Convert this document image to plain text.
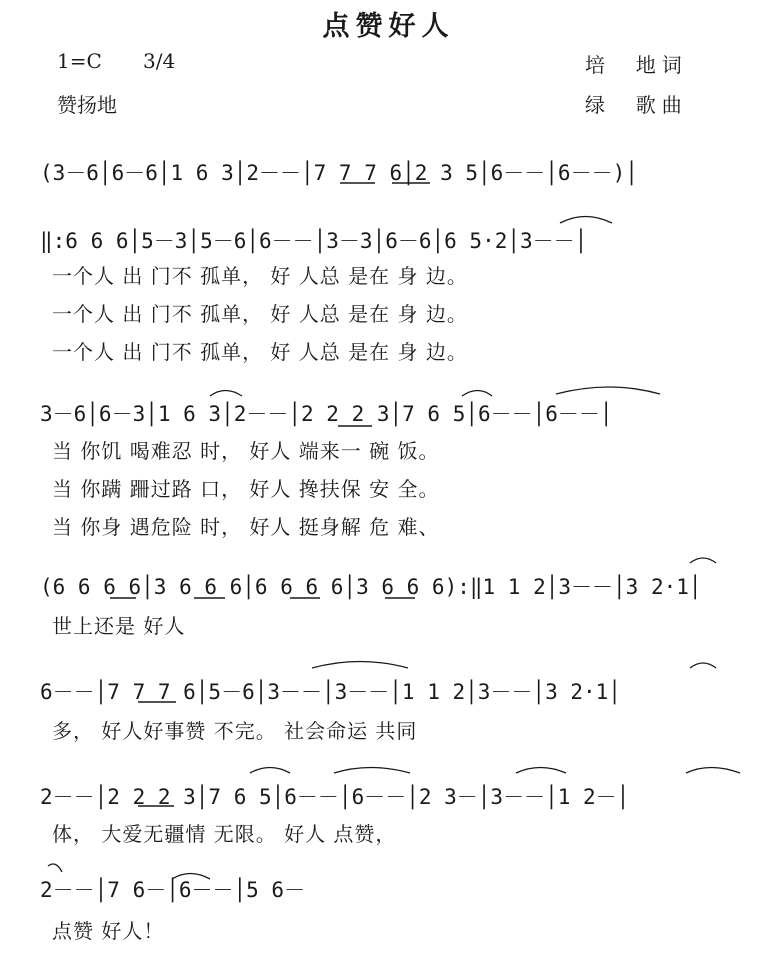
点赞好人
1=C 3/4	培  地词
赞扬地	绿  歌曲
(3－6│6－6│1 6 3│2－－│7 7 7 6│2 3 5│6－－│6－－)│
‖:6 6 6│5－3│5－6│6－－│3－3│6－6│6 5·2│3－－│
一个人 出 门不 孤单， 好 人总 是在 身 边。
一个人 出 门不 孤单， 好 人总 是在 身 边。
一个人 出 门不 孤单， 好 人总 是在 身 边。
3－6│6－3│1 6 3│2－－│2 2 2 3│7 6 5│6－－│6－－│
当 你饥 喝难忍 时， 好人 端来一 碗 饭。
当 你蹒 跚过路 口， 好人 搀扶保 安 全。
当 你身 遇危险 时， 好人 挺身解 危 难、
(6 6 6 6│3 6 6 6│6 6 6 6│3 6 6 6):‖1 1 2│3－－│3 2·1│
世上还是 好人
6－－│7 7 7 6│5－6│3－－│3－－│1 1 2│3－－│3 2·1│
多， 好人好事赞 不完。 社会命运 共同
2－－│2 2 2 3│7 6 5│6－－│6－－│2 3－│3－－│1 2－│
体， 大爱无疆情 无限。 好人 点赞，
2－－│7 6－│6－－│5 6－
点赞 好人！
